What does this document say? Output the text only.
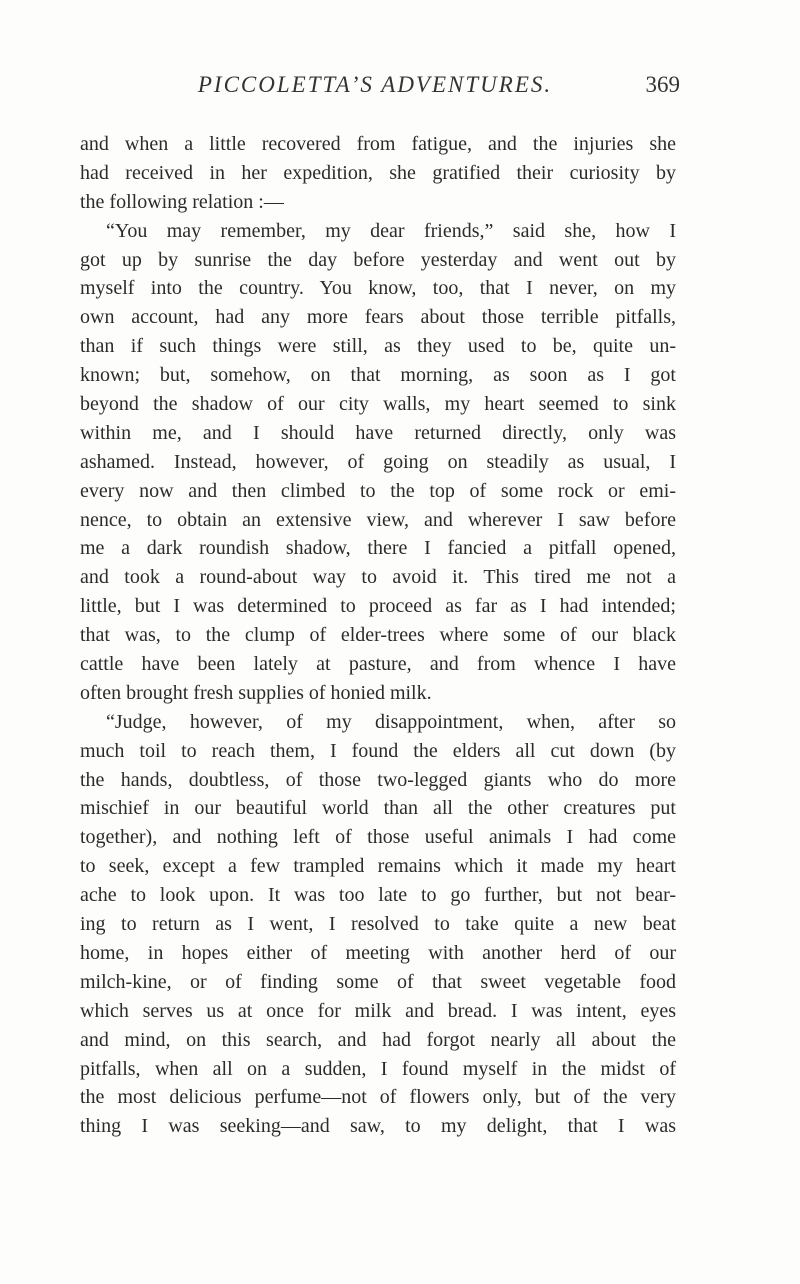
PICCOLETTA’S ADVENTURES.	369
and when a little recovered from fatigue, and the injuries she
had received in her expedition, she gratified their curiosity by
the following relation :—
“You may remember, my dear friends,” said she, how I
got up by sunrise the day before yesterday and went out by
myself into the country. You know, too, that I never, on my
own account, had any more fears about those terrible pitfalls,
than if such things were still, as they used to be, quite un-
known; but, somehow, on that morning, as soon as I got
beyond the shadow of our city walls, my heart seemed to sink
within me, and I should have returned directly, only was
ashamed. Instead, however, of going on steadily as usual, I
every now and then climbed to the top of some rock or emi-
nence, to obtain an extensive view, and wherever I saw before
me a dark roundish shadow, there I fancied a pitfall opened,
and took a round-about way to avoid it. This tired me not a
little, but I was determined to proceed as far as I had intended;
that was, to the clump of elder-trees where some of our black
cattle have been lately at pasture, and from whence I have
often brought fresh supplies of honied milk.
“Judge, however, of my disappointment, when, after so
much toil to reach them, I found the elders all cut down (by
the hands, doubtless, of those two-legged giants who do more
mischief in our beautiful world than all the other creatures put
together), and nothing left of those useful animals I had come
to seek, except a few trampled remains which it made my heart
ache to look upon. It was too late to go further, but not bear-
ing to return as I went, I resolved to take quite a new beat
home, in hopes either of meeting with another herd of our
milch-kine, or of finding some of that sweet vegetable food
which serves us at once for milk and bread. I was intent, eyes
and mind, on this search, and had forgot nearly all about the
pitfalls, when all on a sudden, I found myself in the midst of
the most delicious perfume—not of flowers only, but of the very
thing I was seeking—and saw, to my delight, that I was
